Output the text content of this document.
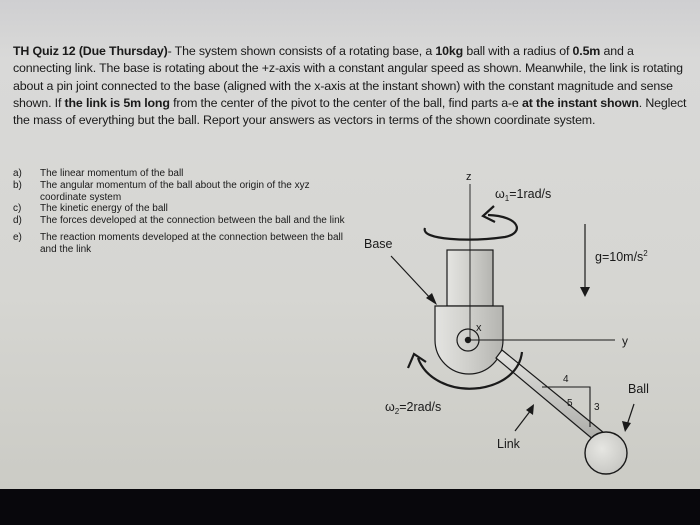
TH Quiz 12 (Due Thursday)- The system shown consists of a rotating base, a 10kg ball with a radius of 0.5m and a connecting link. The base is rotating about the +z-axis with a constant angular speed as shown. Meanwhile, the link is rotating about a pin joint connected to the base (aligned with the x-axis at the instant shown) with the constant magnitude and sense shown. If the link is 5m long from the center of the pivot to the center of the ball, find parts a-e at the instant shown. Neglect the mass of everything but the ball. Report your answers as vectors in terms of the shown coordinate system.
a)	The linear momentum of the ball
b)	The angular momentum of the ball about the origin of the xyz coordinate system
c)	The kinetic energy of the ball
d)	The forces developed at the connection between the ball and the link
e)	The reaction moments developed at the connection between the ball and the link
z
$\omega_1=1rad/s$
$g=10m/s^2$
Base
$\omega_2=2rad/s$
x
y
4
3
5
Ball
Link
